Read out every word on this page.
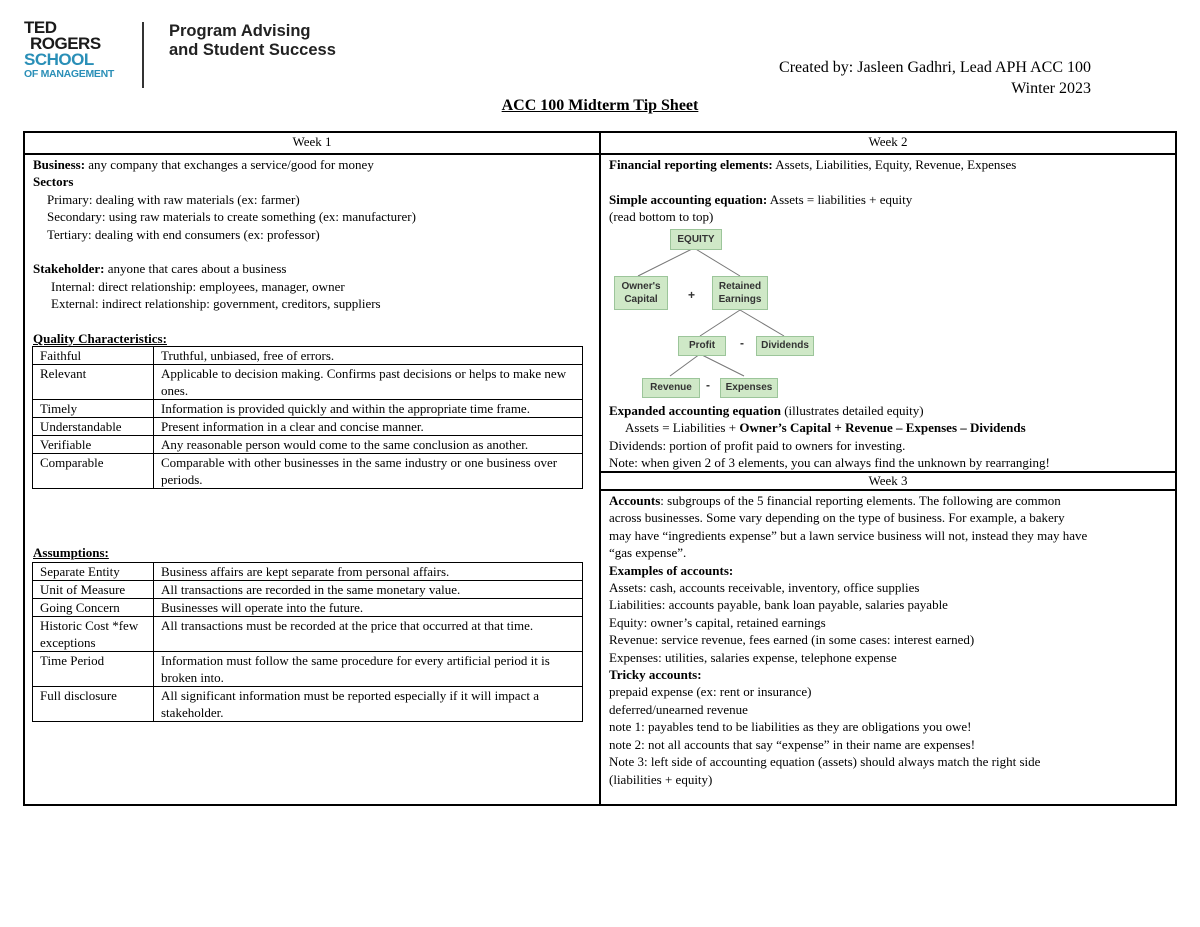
TED
ROGERS
SCHOOL
OF MANAGEMENT
Program Advising
and Student Success
Created by: Jasleen Gadhri, Lead APH ACC 100
Winter 2023
ACC 100 Midterm Tip Sheet
Week 1	Week 2
Week 3

Business: any company that exchanges a service/good for money

Sectors

Primary: dealing with raw materials (ex: farmer)

Secondary: using raw materials to create something (ex: manufacturer)

Tertiary: dealing with end consumers (ex: professor)

Stakeholder: anyone that cares about a business

Internal: direct relationship: employees, manager, owner

External: indirect relationship: government, creditors, suppliers

Quality Characteristics:

Faithful	Truthful, unbiased, free of errors.
Relevant	Applicable to decision making. Confirms past decisions or helps to make new ones.
Timely	Information is provided quickly and within the appropriate time frame.
Understandable	Present information in a clear and concise manner.
Verifiable	Any reasonable person would come to the same conclusion as another.
Comparable	Comparable with other businesses in the same industry or one business over periods.

Assumptions:

Separate Entity	Business affairs are kept separate from personal affairs.
Unit of Measure	All transactions are recorded in the same monetary value.
Going Concern	Businesses will operate into the future.
Historic Cost *few exceptions	All transactions must be recorded at the price that occurred at that time.
Time Period	Information must follow the same procedure for every artificial period it is broken into.
Full disclosure	All significant information must be reported especially if it will impact a stakeholder.

Financial reporting elements: Assets, Liabilities, Equity, Revenue, Expenses

Simple accounting equation: Assets = liabilities + equity

(read bottom to top)

EQUITY
Owner's Capital	+
Retained Earnings
Profit	-	Dividends
Revenue	-	Expenses

Expanded accounting equation (illustrates detailed equity)

Assets = Liabilities + Owner’s Capital + Revenue – Expenses – Dividends

Dividends: portion of profit paid to owners for investing.

Note: when given 2 of 3 elements, you can always find the unknown by rearranging!

Accounts: subgroups of the 5 financial reporting elements. The following are common

across businesses. Some vary depending on the type of business. For example, a bakery

may have “ingredients expense” but a lawn service business will not, instead they may have

“gas expense”.

Examples of accounts:

Assets: cash, accounts receivable, inventory, office supplies

Liabilities: accounts payable, bank loan payable, salaries payable

Equity: owner’s capital, retained earnings

Revenue: service revenue, fees earned (in some cases: interest earned)

Expenses: utilities, salaries expense, telephone expense

Tricky accounts:

prepaid expense (ex: rent or insurance)

deferred/unearned revenue

note 1: payables tend to be liabilities as they are obligations you owe!

note 2: not all accounts that say “expense” in their name are expenses!

Note 3: left side of accounting equation (assets) should always match the right side

(liabilities + equity)
